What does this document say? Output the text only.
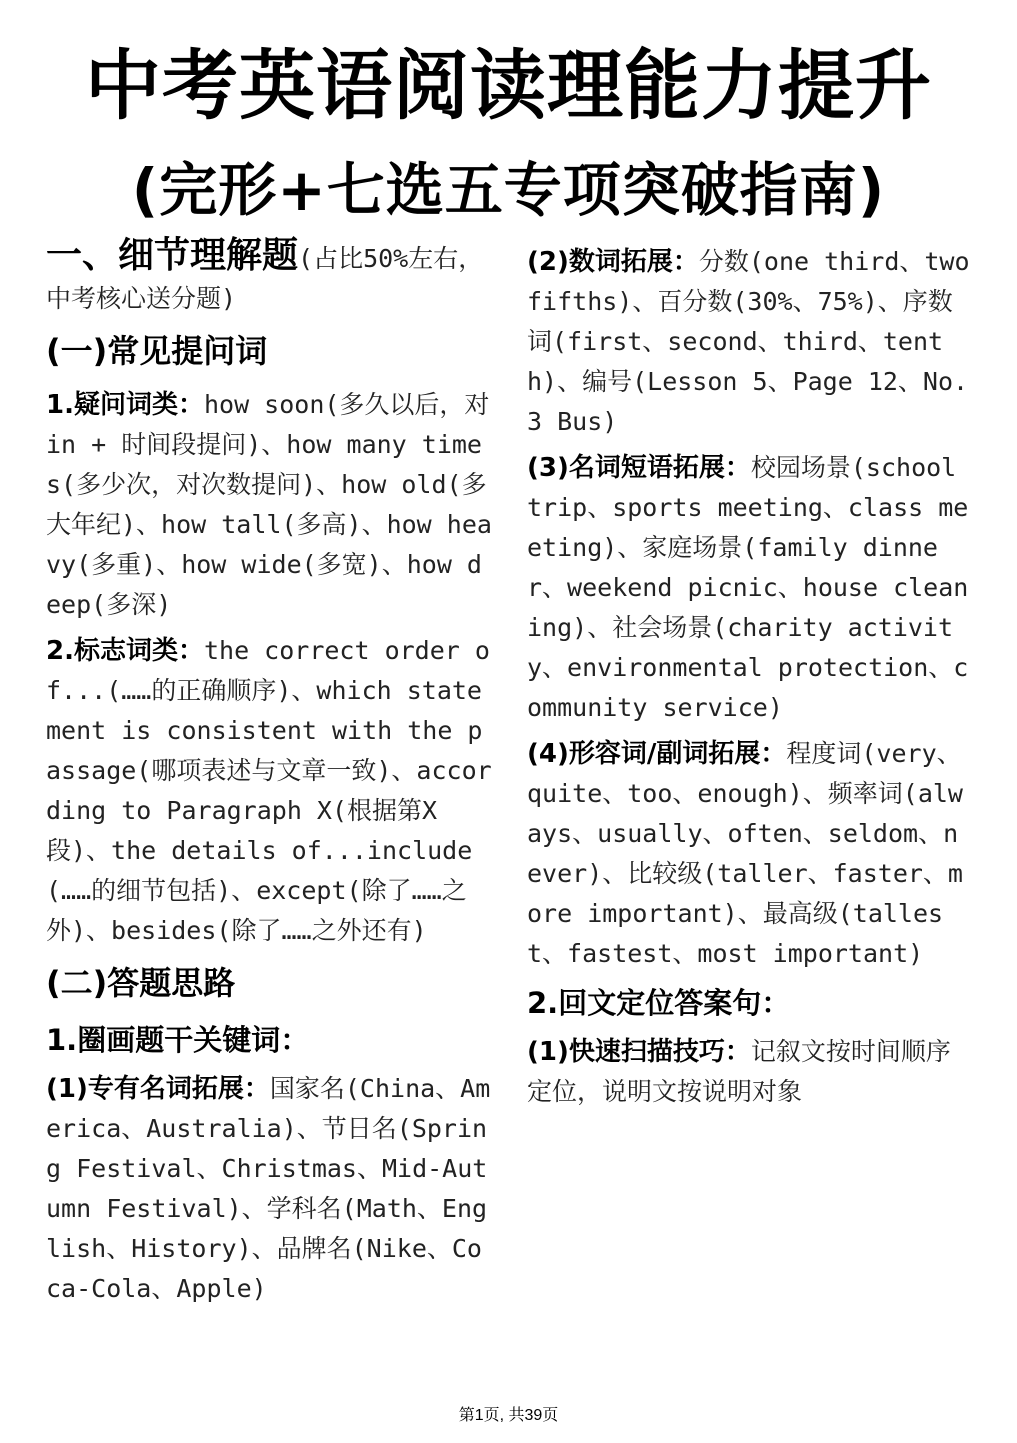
中考英语阅读理能力提升
(完形+七选五专项突破指南)
一、细节理解题(占比50%左右，中考核心送分题)
(一)常见提问词
1.疑问词类：how soon(多久以后，对 in + 时间段提问)、how many times(多少次，对次数提问)、how old(多大年纪)、how tall(多高)、how heavy(多重)、how wide(多宽)、how deep(多深)
2.标志词类：the correct order of...(……的正确顺序)、which statement is consistent with the passage(哪项表述与文章一致)、according to Paragraph X(根据第X段)、the details of...include(……的细节包括)、except(除了……之外)、besides(除了……之外还有)
(二)答题思路
1.圈画题干关键词：
(1)专有名词拓展：国家名(China、America、Australia)、节日名(Spring Festival、Christmas、Mid-Autumn Festival)、学科名(Math、English、History)、品牌名(Nike、Coca-Cola、Apple)
(2)数词拓展：分数(one third、two fifths)、百分数(30%、75%)、序数词(first、second、third、tenth)、编号(Lesson 5、Page 12、No.3 Bus)
(3)名词短语拓展：校园场景(school trip、sports meeting、class meeting)、家庭场景(family dinner、weekend picnic、house cleaning)、社会场景(charity activity、environmental protection、community service)
(4)形容词/副词拓展：程度词(very、quite、too、enough)、频率词(always、usually、often、seldom、never)、比较级(taller、faster、more important)、最高级(tallest、fastest、most important)
2.回文定位答案句：
(1)快速扫描技巧：记叙文按时间顺序定位，说明文按说明对象
第1页, 共39页
